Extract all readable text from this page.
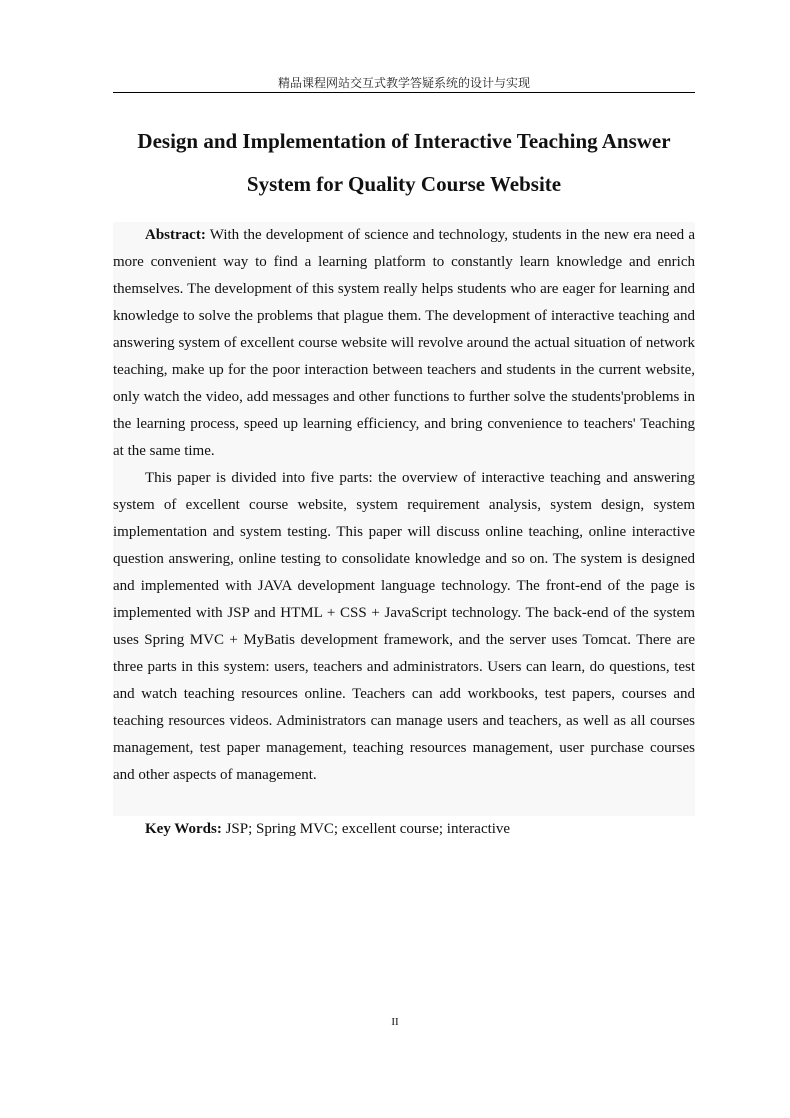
精品课程网站交互式教学答疑系统的设计与实现
Design and Implementation of Interactive Teaching Answer
System for Quality Course Website

Abstract: With the development of science and technology, students in the new era need a more convenient way to find a learning platform to constantly learn knowledge and enrich themselves. The development of this system really helps students who are eager for learning and knowledge to solve the problems that plague them. The development of interactive teaching and answering system of excellent course website will revolve around the actual situation of network teaching, make up for the poor interaction between teachers and students in the current website, only watch the video, add messages and other functions to further solve the students'problems in the learning process, speed up learning efficiency, and bring convenience to teachers' Teaching at the same time.

This paper is divided into five parts: the overview of interactive teaching and answering system of excellent course website, system requirement analysis, system design, system implementation and system testing. This paper will discuss online teaching, online interactive question answering, online testing to consolidate knowledge and so on. The system is designed and implemented with JAVA development language technology. The front-end of the page is implemented with JSP and HTML + CSS + JavaScript technology. The back-end of the system uses Spring MVC + MyBatis development framework, and the server uses Tomcat. There are three parts in this system: users, teachers and administrators. Users can learn, do questions, test and watch teaching resources online. Teachers can add workbooks, test papers, courses and teaching resources videos. Administrators can manage users and teachers, as well as all courses management, test paper management, teaching resources management, user purchase courses and other aspects of management.

Key Words: JSP; Spring MVC; excellent course; interactive

II
